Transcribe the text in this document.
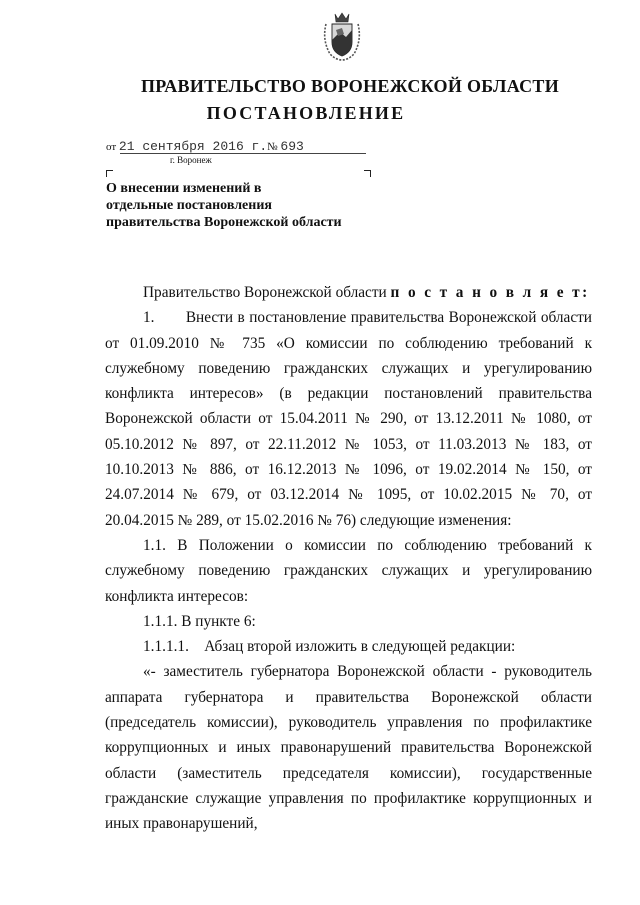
ПРАВИТЕЛЬСТВО ВОРОНЕЖСКОЙ ОБЛАСТИ
ПОСТАНОВЛЕНИЕ
от 21 сентября 2016 г.№ 693
г. Воронеж
О внесении изменений в
отдельные постановления
правительства Воронежской области

Правительство Воронежской области п о с т а н о в л я е т:

1.       Внести в постановление правительства Воронежской области от 01.09.2010 № 735 «О комиссии по соблюдению требований к служебному поведению гражданских служащих и урегулированию конфликта интересов» (в редакции постановлений правительства Воронежской области от 15.04.2011 № 290, от 13.12.2011 № 1080, от 05.10.2012 № 897, от 22.11.2012 № 1053, от 11.03.2013 № 183, от 10.10.2013 № 886, от 16.12.2013 № 1096, от 19.02.2014 № 150, от 24.07.2014 № 679, от 03.12.2014 № 1095, от 10.02.2015 № 70, от 20.04.2015 № 289, от 15.02.2016 № 76) следующие изменения:

1.1. В Положении о комиссии по соблюдению требований к служебному поведению гражданских служащих и урегулированию конфликта интересов:

1.1.1. В пункте 6:

1.1.1.1.    Абзац второй изложить в следующей редакции:

«- заместитель губернатора Воронежской области - руководитель аппарата губернатора и правительства Воронежской области (председатель комиссии), руководитель управления по профилактике коррупционных и иных правонарушений правительства Воронежской области (заместитель председателя комиссии), государственные гражданские служащие управления по профилактике коррупционных и иных правонарушений,
